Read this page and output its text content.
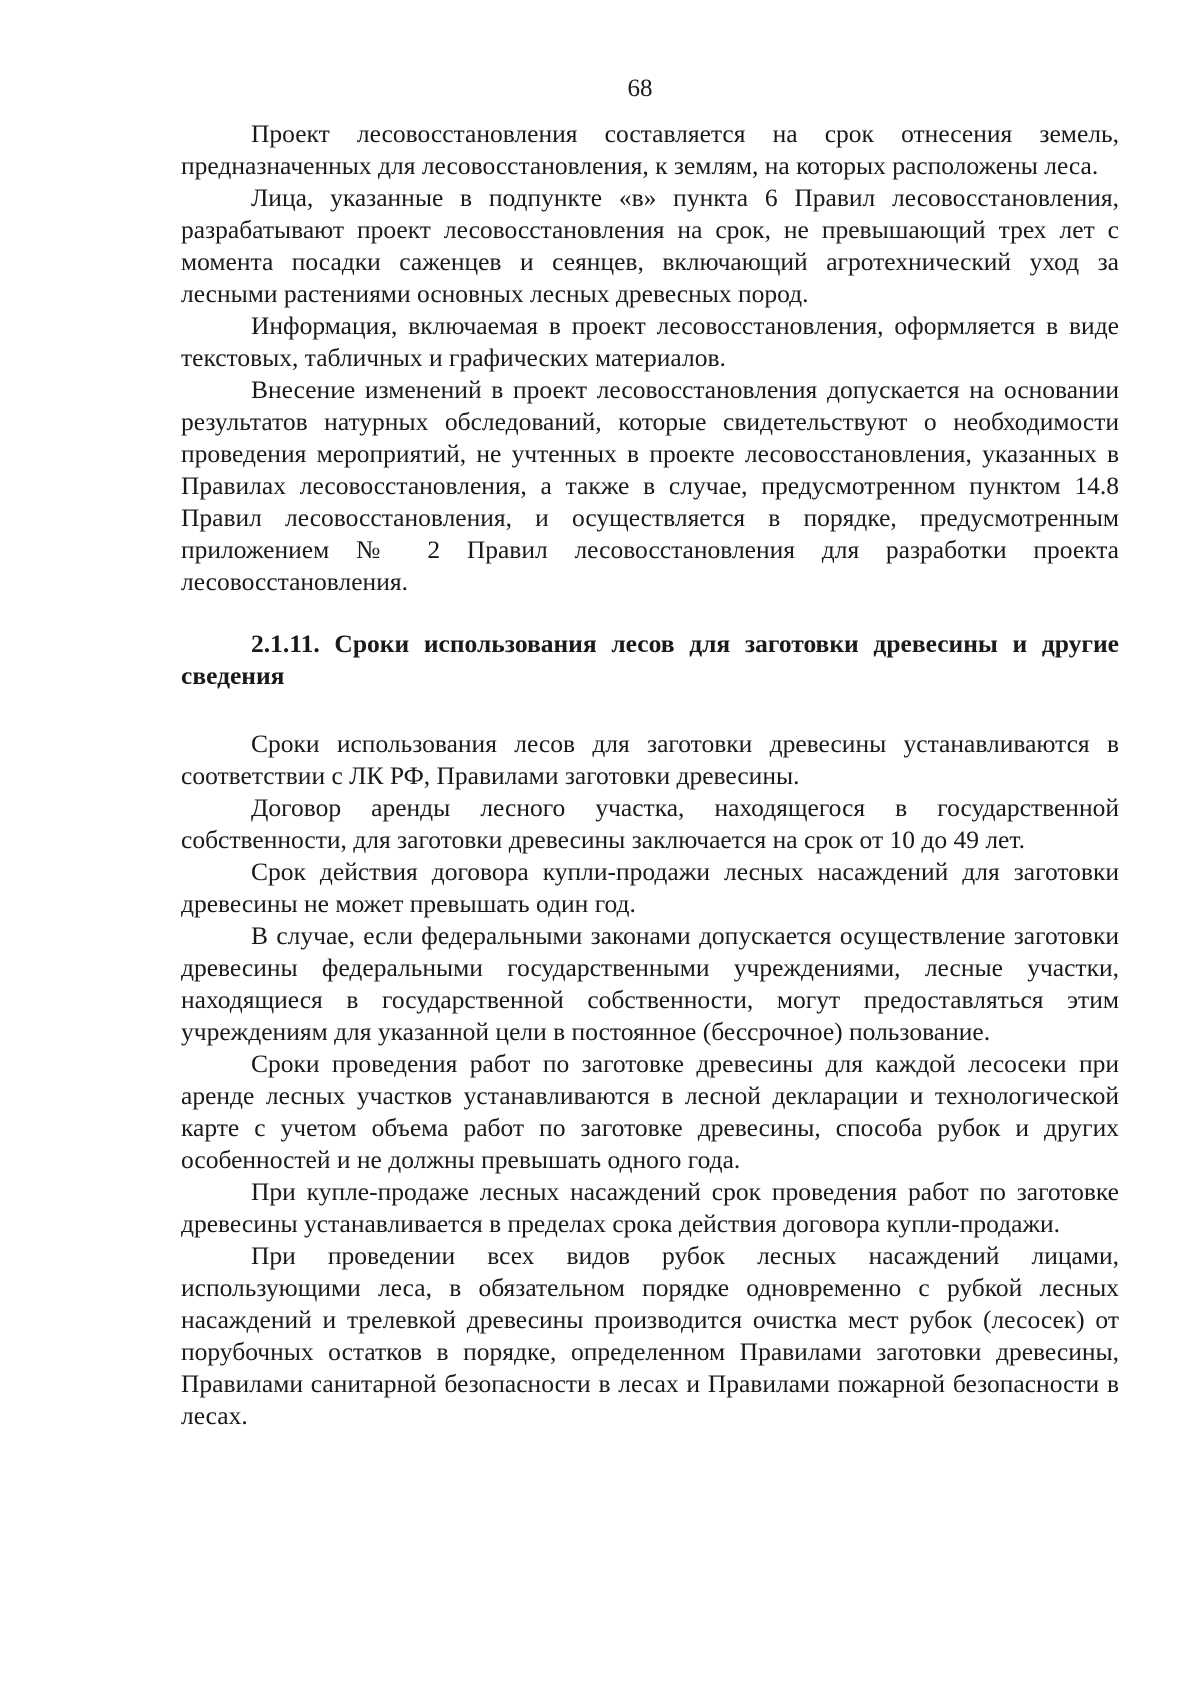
68

Проект лесовосстановления составляется на срок отнесения земель, предназначенных для лесовосстановления, к землям, на которых расположены леса.

Лица, указанные в подпункте «в» пункта 6 Правил лесовосстановления, разрабатывают проект лесовосстановления на срок, не превышающий трех лет с момента посадки саженцев и сеянцев, включающий агротехнический уход за лесными растениями основных лесных древесных пород.

Информация, включаемая в проект лесовосстановления, оформляется в виде текстовых, табличных и графических материалов.

Внесение изменений в проект лесовосстановления допускается на основании результатов натурных обследований, которые свидетельствуют о необходимости проведения мероприятий, не учтенных в проекте лесовосстановления, указанных в Правилах лесовосстановления, а также в случае, предусмотренном пунктом 14.8 Правил лесовосстановления, и осуществляется в порядке, предусмотренным приложением № 2 Правил лесовосстановления для разработки проекта лесовосстановления.

2.1.11. Сроки использования лесов для заготовки древесины и другие сведения

Сроки использования лесов для заготовки древесины устанавливаются в соответствии с ЛК РФ, Правилами заготовки древесины.

Договор аренды лесного участка, находящегося в государственной собственности, для заготовки древесины заключается на срок от 10 до 49 лет.

Срок действия договора купли-продажи лесных насаждений для заготовки древесины не может превышать один год.

В случае, если федеральными законами допускается осуществление заготовки древесины федеральными государственными учреждениями, лесные участки, находящиеся в государственной собственности, могут предоставляться этим учреждениям для указанной цели в постоянное (бессрочное) пользование.

Сроки проведения работ по заготовке древесины для каждой лесосеки при аренде лесных участков устанавливаются в лесной декларации и технологической карте с учетом объема работ по заготовке древесины, способа рубок и других особенностей и не должны превышать одного года.

При купле-продаже лесных насаждений срок проведения работ по заготовке древесины устанавливается в пределах срока действия договора купли-продажи.

При проведении всех видов рубок лесных насаждений лицами, использующими леса, в обязательном порядке одновременно с рубкой лесных насаждений и трелевкой древесины производится очистка мест рубок (лесосек) от порубочных остатков в порядке, определенном Правилами заготовки древесины, Правилами санитарной безопасности в лесах и Правилами пожарной безопасности в лесах.
